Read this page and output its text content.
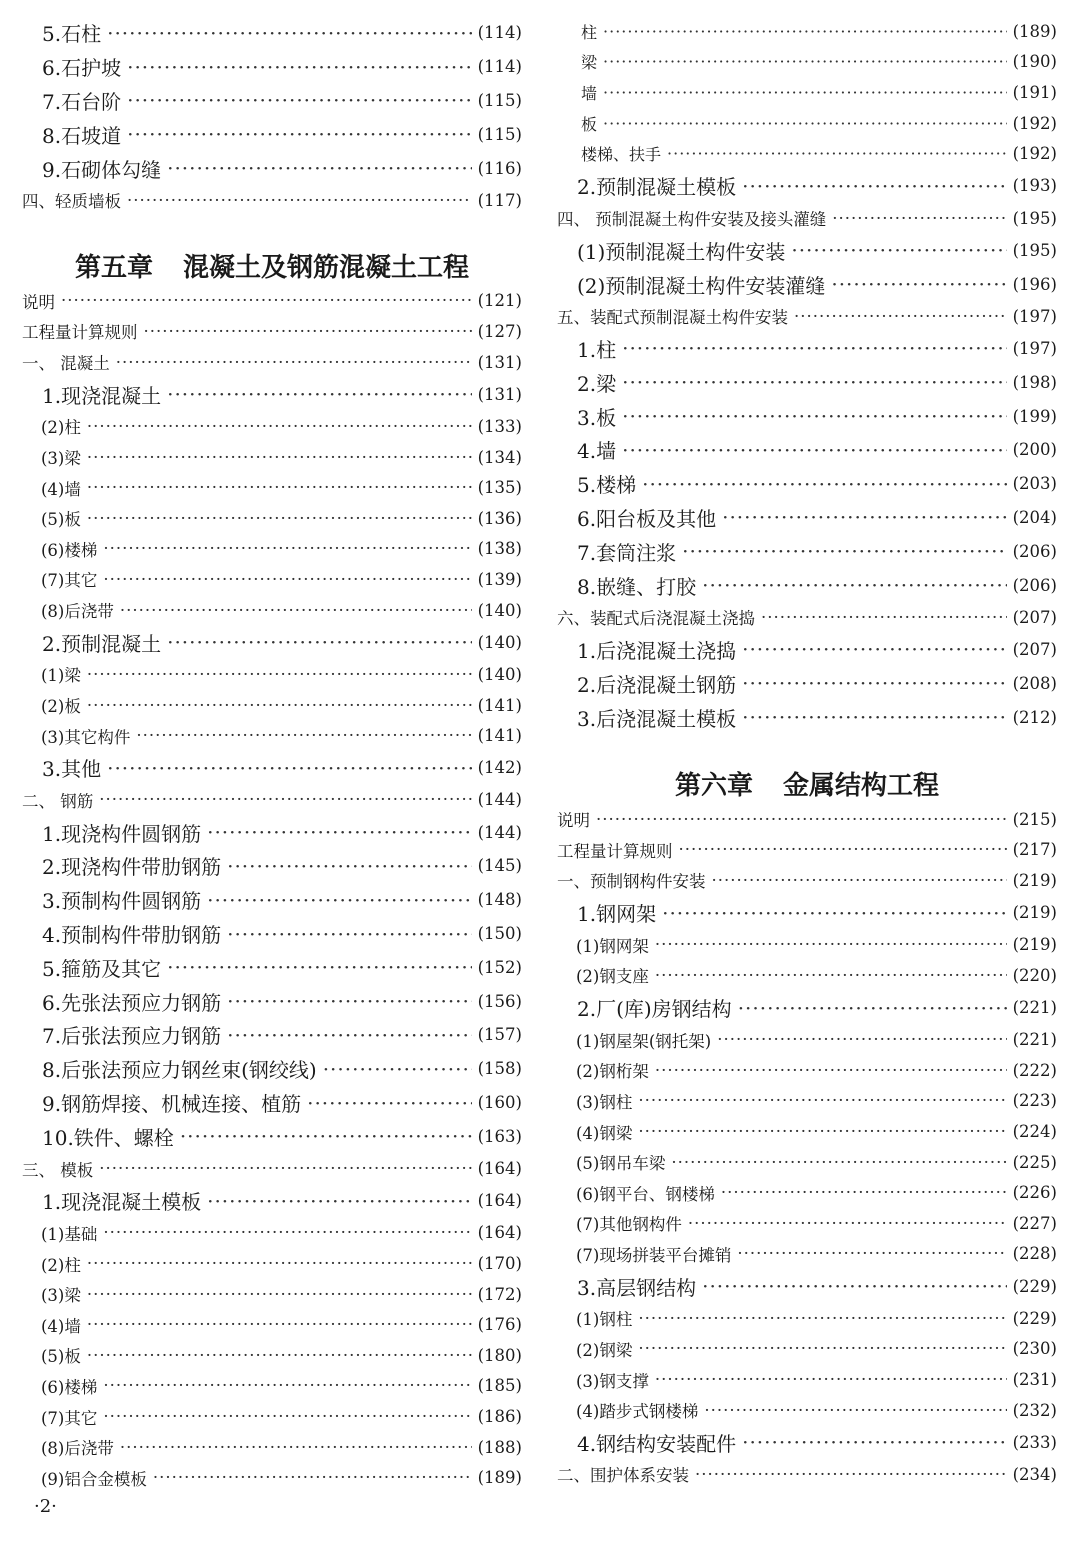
5.石柱 ·····	(114)
6.石护坡 ·····	(114)
7.石台阶 ·····	(115)
8.石坡道 ·····	(115)
9.石砌体勾缝 ·····	(116)
四、轻质墙板 ·····	(117)
第五章 混凝土及钢筋混凝土工程
说明 ·····	(121)
工程量计算规则 ·····	(127)
一、 混凝土 ·····	(131)
1.现浇混凝土 ·····	(131)
(2)柱 ·····	(133)
(3)梁 ·····	(134)
(4)墙 ·····	(135)
(5)板 ·····	(136)
(6)楼梯 ·····	(138)
(7)其它 ·····	(139)
(8)后浇带 ·····	(140)
2.预制混凝土 ·····	(140)
(1)梁 ·····	(140)
(2)板 ·····	(141)
(3)其它构件 ·····	(141)
3.其他 ·····	(142)
二、 钢筋 ·····	(144)
1.现浇构件圆钢筋 ·····	(144)
2.现浇构件带肋钢筋 ·····	(145)
3.预制构件圆钢筋 ·····	(148)
4.预制构件带肋钢筋 ·····	(150)
5.箍筋及其它 ·····	(152)
6.先张法预应力钢筋 ·····	(156)
7.后张法预应力钢筋 ·····	(157)
8.后张法预应力钢丝束(钢绞线) ·····	(158)
9.钢筋焊接、机械连接、植筋 ·····	(160)
10.铁件、螺栓 ·····	(163)
三、 模板 ·····	(164)
1.现浇混凝土模板 ·····	(164)
(1)基础 ·····	(164)
(2)柱 ·····	(170)
(3)梁 ·····	(172)
(4)墙 ·····	(176)
(5)板 ·····	(180)
(6)楼梯 ·····	(185)
(7)其它 ·····	(186)
(8)后浇带 ·····	(188)
(9)铝合金模板 ·····	(189)
柱 ·····	(189)
梁 ·····	(190)
墙 ·····	(191)
板 ·····	(192)
楼梯、扶手 ·····	(192)
2.预制混凝土模板 ·····	(193)
四、 预制混凝土构件安装及接头灌缝 ·····	(195)
(1)预制混凝土构件安装 ·····	(195)
(2)预制混凝土构件安装灌缝 ·····	(196)
五、装配式预制混凝土构件安装 ·····	(197)
1.柱 ·····	(197)
2.梁 ·····	(198)
3.板 ·····	(199)
4.墙 ·····	(200)
5.楼梯 ·····	(203)
6.阳台板及其他 ·····	(204)
7.套筒注浆 ·····	(206)
8.嵌缝、打胶 ·····	(206)
六、装配式后浇混凝土浇捣 ·····	(207)
1.后浇混凝土浇捣 ·····	(207)
2.后浇混凝土钢筋 ·····	(208)
3.后浇混凝土模板 ·····	(212)
第六章 金属结构工程
说明 ·····	(215)
工程量计算规则 ·····	(217)
一、预制钢构件安装 ·····	(219)
1.钢网架 ·····	(219)
(1)钢网架 ·····	(219)
(2)钢支座 ·····	(220)
2.厂(库)房钢结构 ·····	(221)
(1)钢屋架(钢托架) ·····	(221)
(2)钢桁架 ·····	(222)
(3)钢柱 ·····	(223)
(4)钢梁 ·····	(224)
(5)钢吊车梁 ·····	(225)
(6)钢平台、钢楼梯 ·····	(226)
(7)其他钢构件 ·····	(227)
(7)现场拼装平台摊销 ·····	(228)
3.高层钢结构 ·····	(229)
(1)钢柱 ·····	(229)
(2)钢梁 ·····	(230)
(3)钢支撑 ·····	(231)
(4)踏步式钢楼梯 ·····	(232)
4.钢结构安装配件 ·····	(233)
二、围护体系安装 ·····	(234)
·2·
